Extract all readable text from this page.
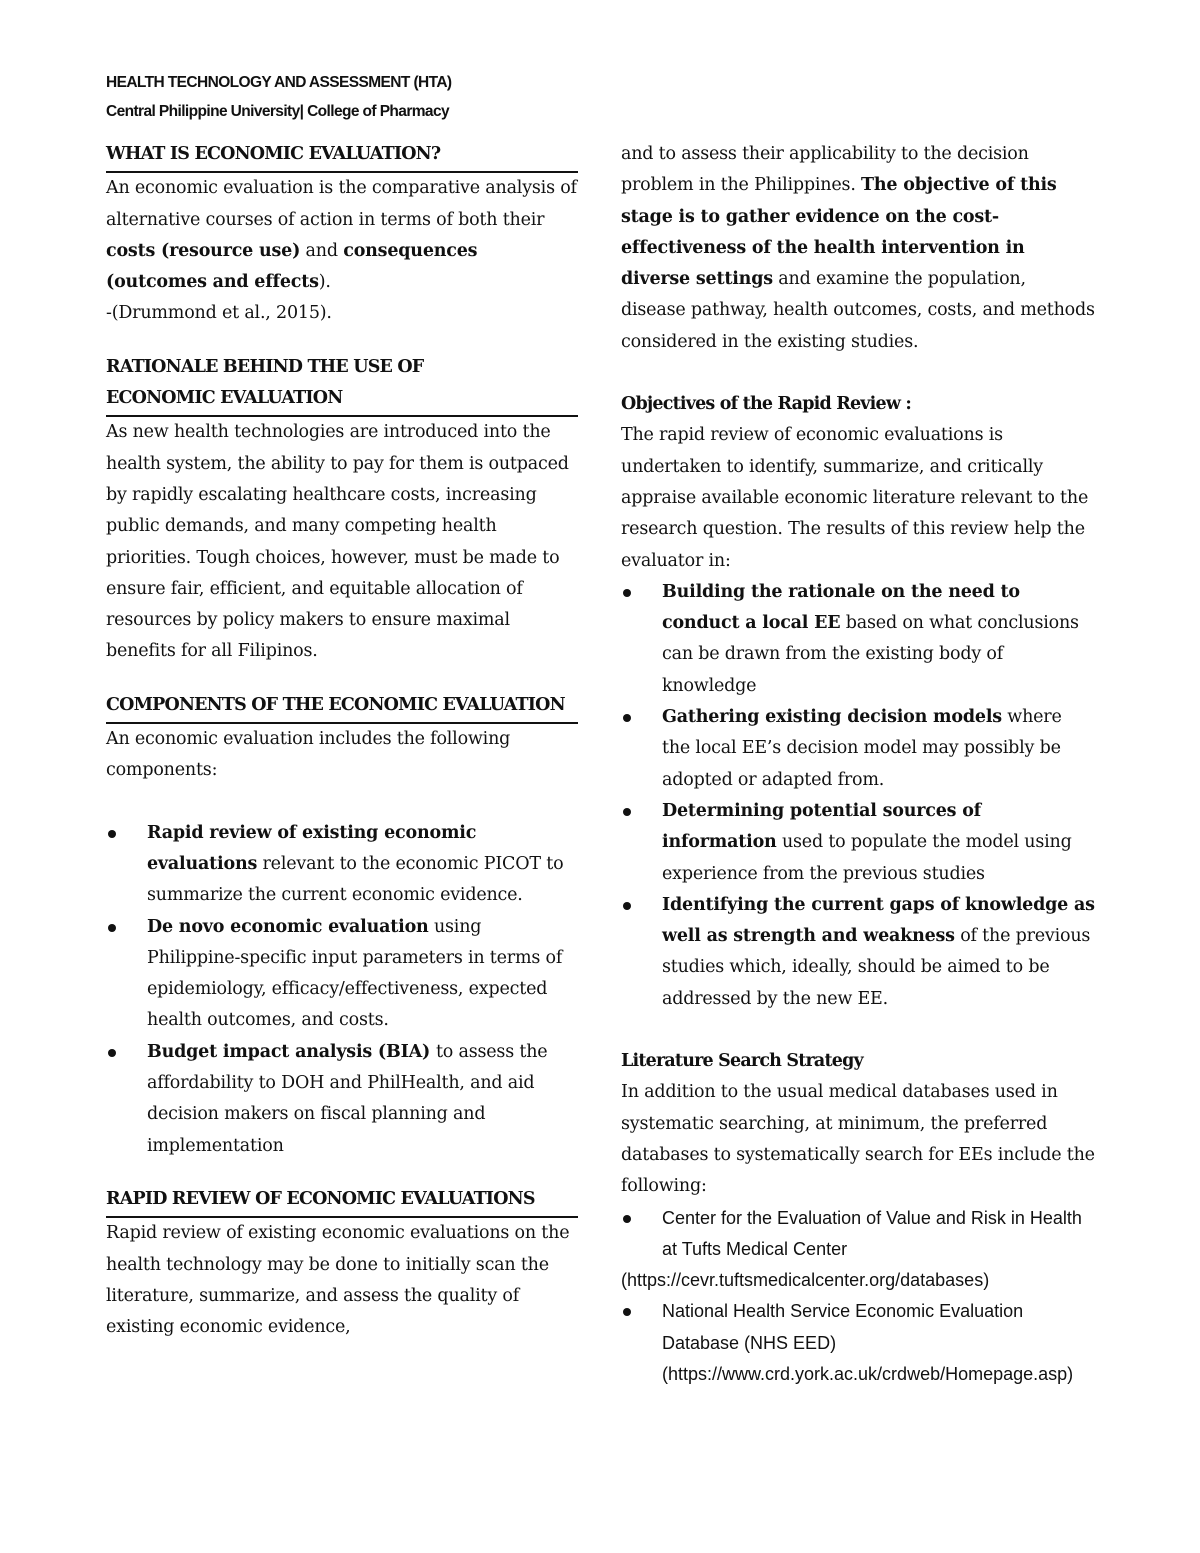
HEALTH TECHNOLOGY AND ASSESSMENT (HTA)
Central Philippine University| College of Pharmacy
WHAT IS ECONOMIC EVALUATION?

An economic evaluation is the comparative analysis of alternative courses of action in terms of both their costs (resource use) and consequences (outcomes and effects).

-(Drummond et al., 2015).

RATIONALE BEHIND THE USE OF
ECONOMIC EVALUATION

As new health technologies are introduced into the health system, the ability to pay for them is outpaced by rapidly escalating healthcare costs, increasing public demands, and many competing health priorities. Tough choices, however, must be made to ensure fair, efficient, and equitable allocation of resources by policy makers to ensure maximal benefits for all Filipinos.

COMPONENTS OF THE ECONOMIC EVALUATION

An economic evaluation includes the following components:

Rapid review of existing economic evaluations relevant to the economic PICOT to summarize the current economic evidence.
De novo economic evaluation using Philippine-specific input parameters in terms of epidemiology, efficacy/effectiveness, expected health outcomes, and costs.
Budget impact analysis (BIA) to assess the affordability to DOH and PhilHealth, and aid decision makers on fiscal planning and implementation
RAPID REVIEW OF ECONOMIC EVALUATIONS

Rapid review of existing economic evaluations on the health technology may be done to initially scan the literature, summarize, and assess the quality of existing economic evidence,

and to assess their applicability to the decision problem in the Philippines. The objective of this stage is to gather evidence on the cost-effectiveness of the health intervention in diverse settings and examine the population, disease pathway, health outcomes, costs, and methods considered in the existing studies.

Objectives of the Rapid Review :

The rapid review of economic evaluations is undertaken to identify, summarize, and critically appraise available economic literature relevant to the research question. The results of this review help the evaluator in:

Building the rationale on the need to conduct a local EE based on what conclusions can be drawn from the existing body of knowledge
Gathering existing decision models where the local EE’s decision model may possibly be adopted or adapted from.
Determining potential sources of information used to populate the model using experience from the previous studies
Identifying the current gaps of knowledge as well as strength and weakness of the previous studies which, ideally, should be aimed to be addressed by the new EE.
Literature Search Strategy

In addition to the usual medical databases used in systematic searching, at minimum, the preferred databases to systematically search for EEs include the following:

Center for the Evaluation of Value and Risk in Health at Tufts Medical Center

(https://cevr.tuftsmedicalcenter.org/databases)

National Health Service Economic Evaluation Database (NHS EED)
(https://www.crd.york.ac.uk/crdweb/Homepage.asp)
